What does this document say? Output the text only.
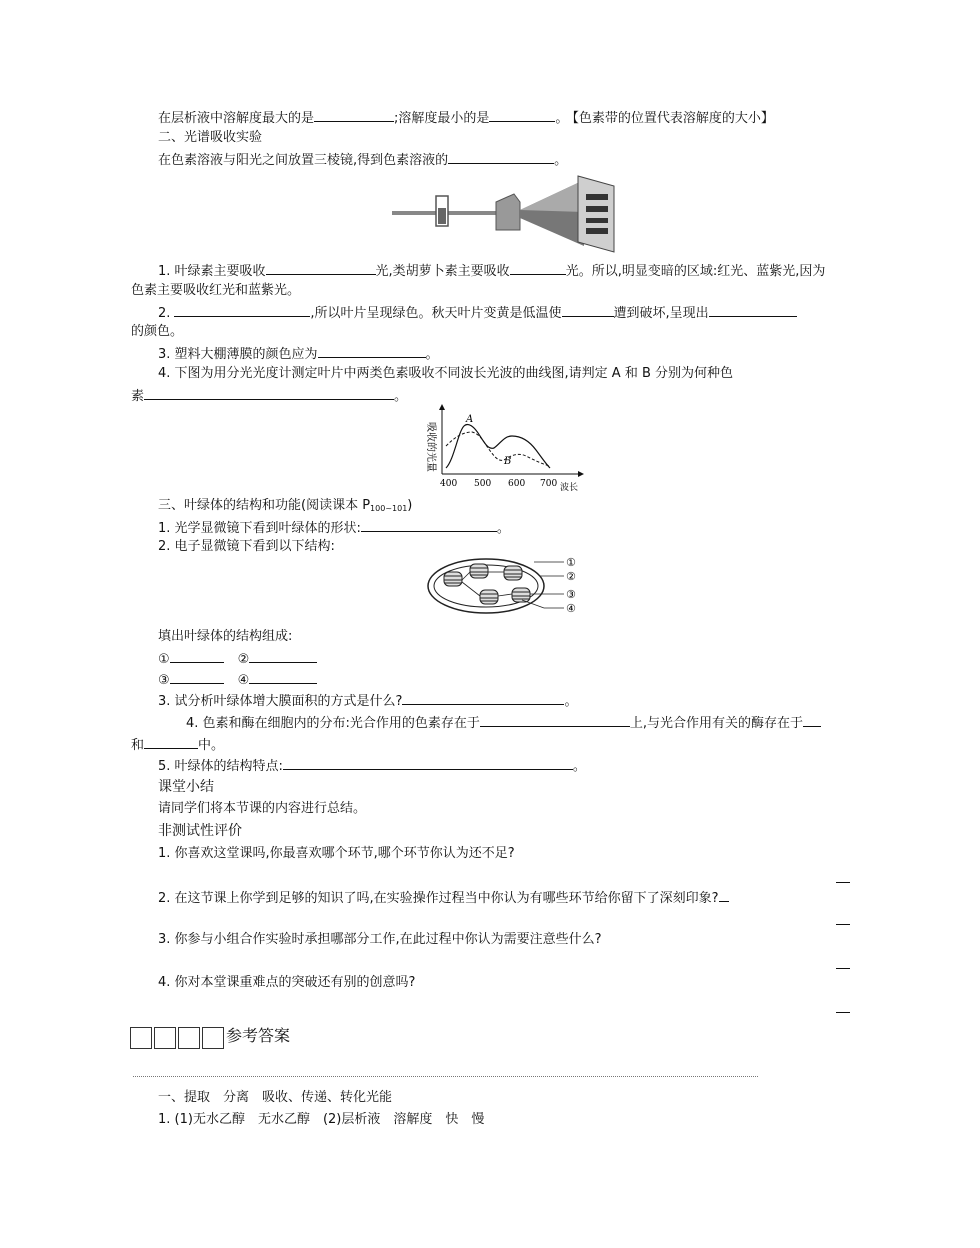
在层析液中溶解度最大的是	;溶解度最小的是	。 【色素带的位置代表溶解度的大小】
二、光谱吸收实验
在色素溶液与阳光之间放置三棱镜,得到色素溶液的	。
1. 叶绿素主要吸收	光,类胡萝卜素主要吸收	光。所以,明显变暗的区域:红光、蓝紫光,因为
色素主要吸收红光和蓝紫光。
2.	,所以叶片呈现绿色。秋天叶片变黄是低温使	遭到破坏,呈现出
的颜色。
3. 塑料大棚薄膜的颜色应为	。
4. 下图为用分光光度计测定叶片中两类色素吸收不同波长光波的曲线图,请判定 A 和 B 分别为何种色
素	。
吸收的光量
A
B
400 500 600 700 波长
三、叶绿体的结构和功能(阅读课本 $P_{100\sim 101}$)
1. 光学显微镜下看到叶绿体的形状:	。
2. 电子显微镜下看到以下结构:
①
②
③
④
填出叶绿体的结构组成:
①	②
③	④
3. 试分析叶绿体增大膜面积的方式是什么?	。
4. 色素和酶在细胞内的分布:光合作用的色素存在于	上,与光合作用有关的酶存在于
和	中。
5. 叶绿体的结构特点:	。
课堂小结
请同学们将本节课的内容进行总结。
非测试性评价
1. 你喜欢这堂课吗,你最喜欢哪个环节,哪个环节你认为还不足?
2. 在这节课上你学到足够的知识了吗,在实验操作过程当中你认为有哪些环节给你留下了深刻印象?
3. 你参与小组合作实验时承担哪部分工作,在此过程中你认为需要注意些什么?
4. 你对本堂课重难点的突破还有别的创意吗?
参考答案
一、提取　分离　吸收、传递、转化光能
1. (1)无水乙醇　无水乙醇　(2)层析液　溶解度　快　慢
